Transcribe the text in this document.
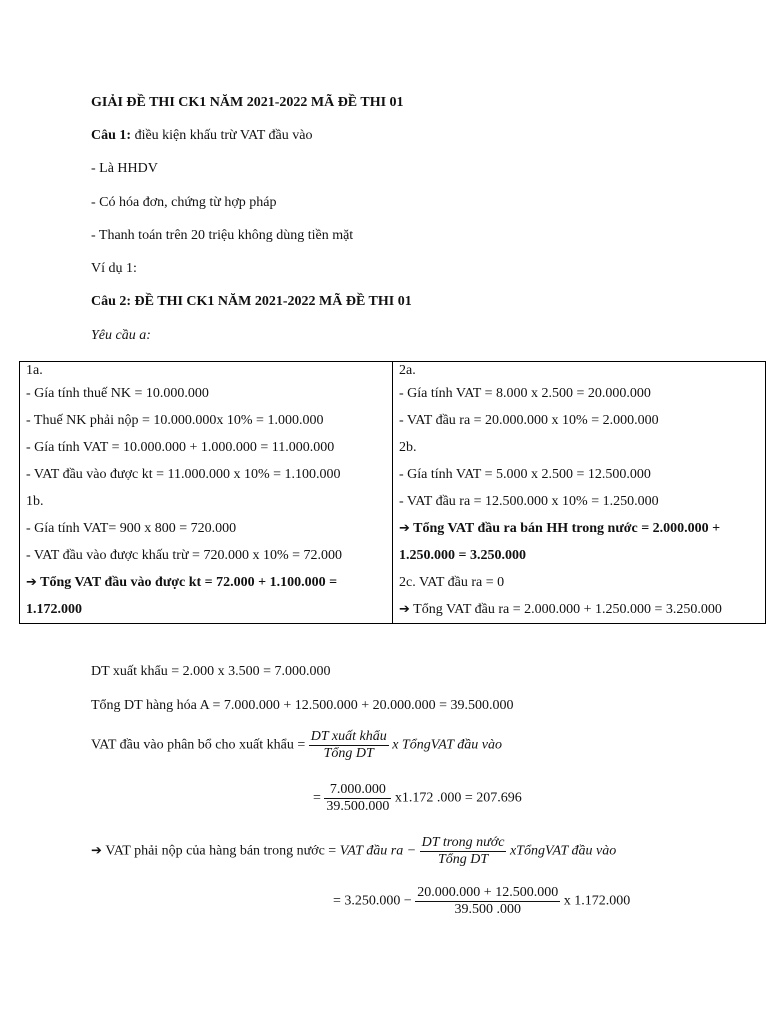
GIẢI ĐỀ THI CK1 NĂM 2021-2022 MÃ ĐỀ THI 01
Câu 1: điều kiện khấu trừ VAT đầu vào
- Là HHDV
- Có hóa đơn, chứng từ hợp pháp
- Thanh toán trên 20 triệu không dùng tiền mặt
Ví dụ 1:
Câu 2: ĐỀ THI CK1 NĂM 2021-2022 MÃ ĐỀ THI 01
Yêu cầu a:
1a.
- Gía tính thuế NK = 10.000.000
- Thuế NK phải nộp = 10.000.000x 10% = 1.000.000
- Gía tính VAT = 10.000.000 + 1.000.000 = 11.000.000
- VAT đầu vào được kt = 11.000.000 x 10% = 1.100.000
1b.
- Gía tính VAT= 900 x 800 = 720.000
- VAT đầu vào được khấu trừ = 720.000 x 10% = 72.000
➔ Tổng VAT đầu vào được kt = 72.000 + 1.100.000 =
1.172.000

2a.
- Gía tính VAT = 8.000 x 2.500 = 20.000.000
- VAT đầu ra = 20.000.000 x 10% = 2.000.000
2b.
- Gía tính VAT = 5.000 x 2.500 = 12.500.000
- VAT đầu ra = 12.500.000 x 10% = 1.250.000
➔ Tổng VAT đầu ra bán HH trong nước = 2.000.000 +
1.250.000 = 3.250.000
2c. VAT đầu ra = 0
➔ Tổng VAT đầu ra = 2.000.000 + 1.250.000 = 3.250.000
DT xuất khẩu = 2.000 x 3.500 = 7.000.000
Tổng DT hàng hóa A = 7.000.000 + 12.500.000 + 20.000.000 = 39.500.000
VAT đầu vào phân bổ cho xuất khẩu = $\frac{\text{DT xuất khẩu}}{\text{Tổng DT}}$ x TổngVAT đầu vào
= $\frac{7.000.000}{39.500.000} x1.172$ .000 = 207.696
➔ VAT phải nộp của hàng bán trong nước = VAT đầu ra − $\frac{\text{DT trong nước}}{\text{Tổng DT}}$ xTổngVAT đầu vào
= $3.250.000 - \frac{20.000.000 + 12.500.000}{39.500 .000}$ x 1.172.000
